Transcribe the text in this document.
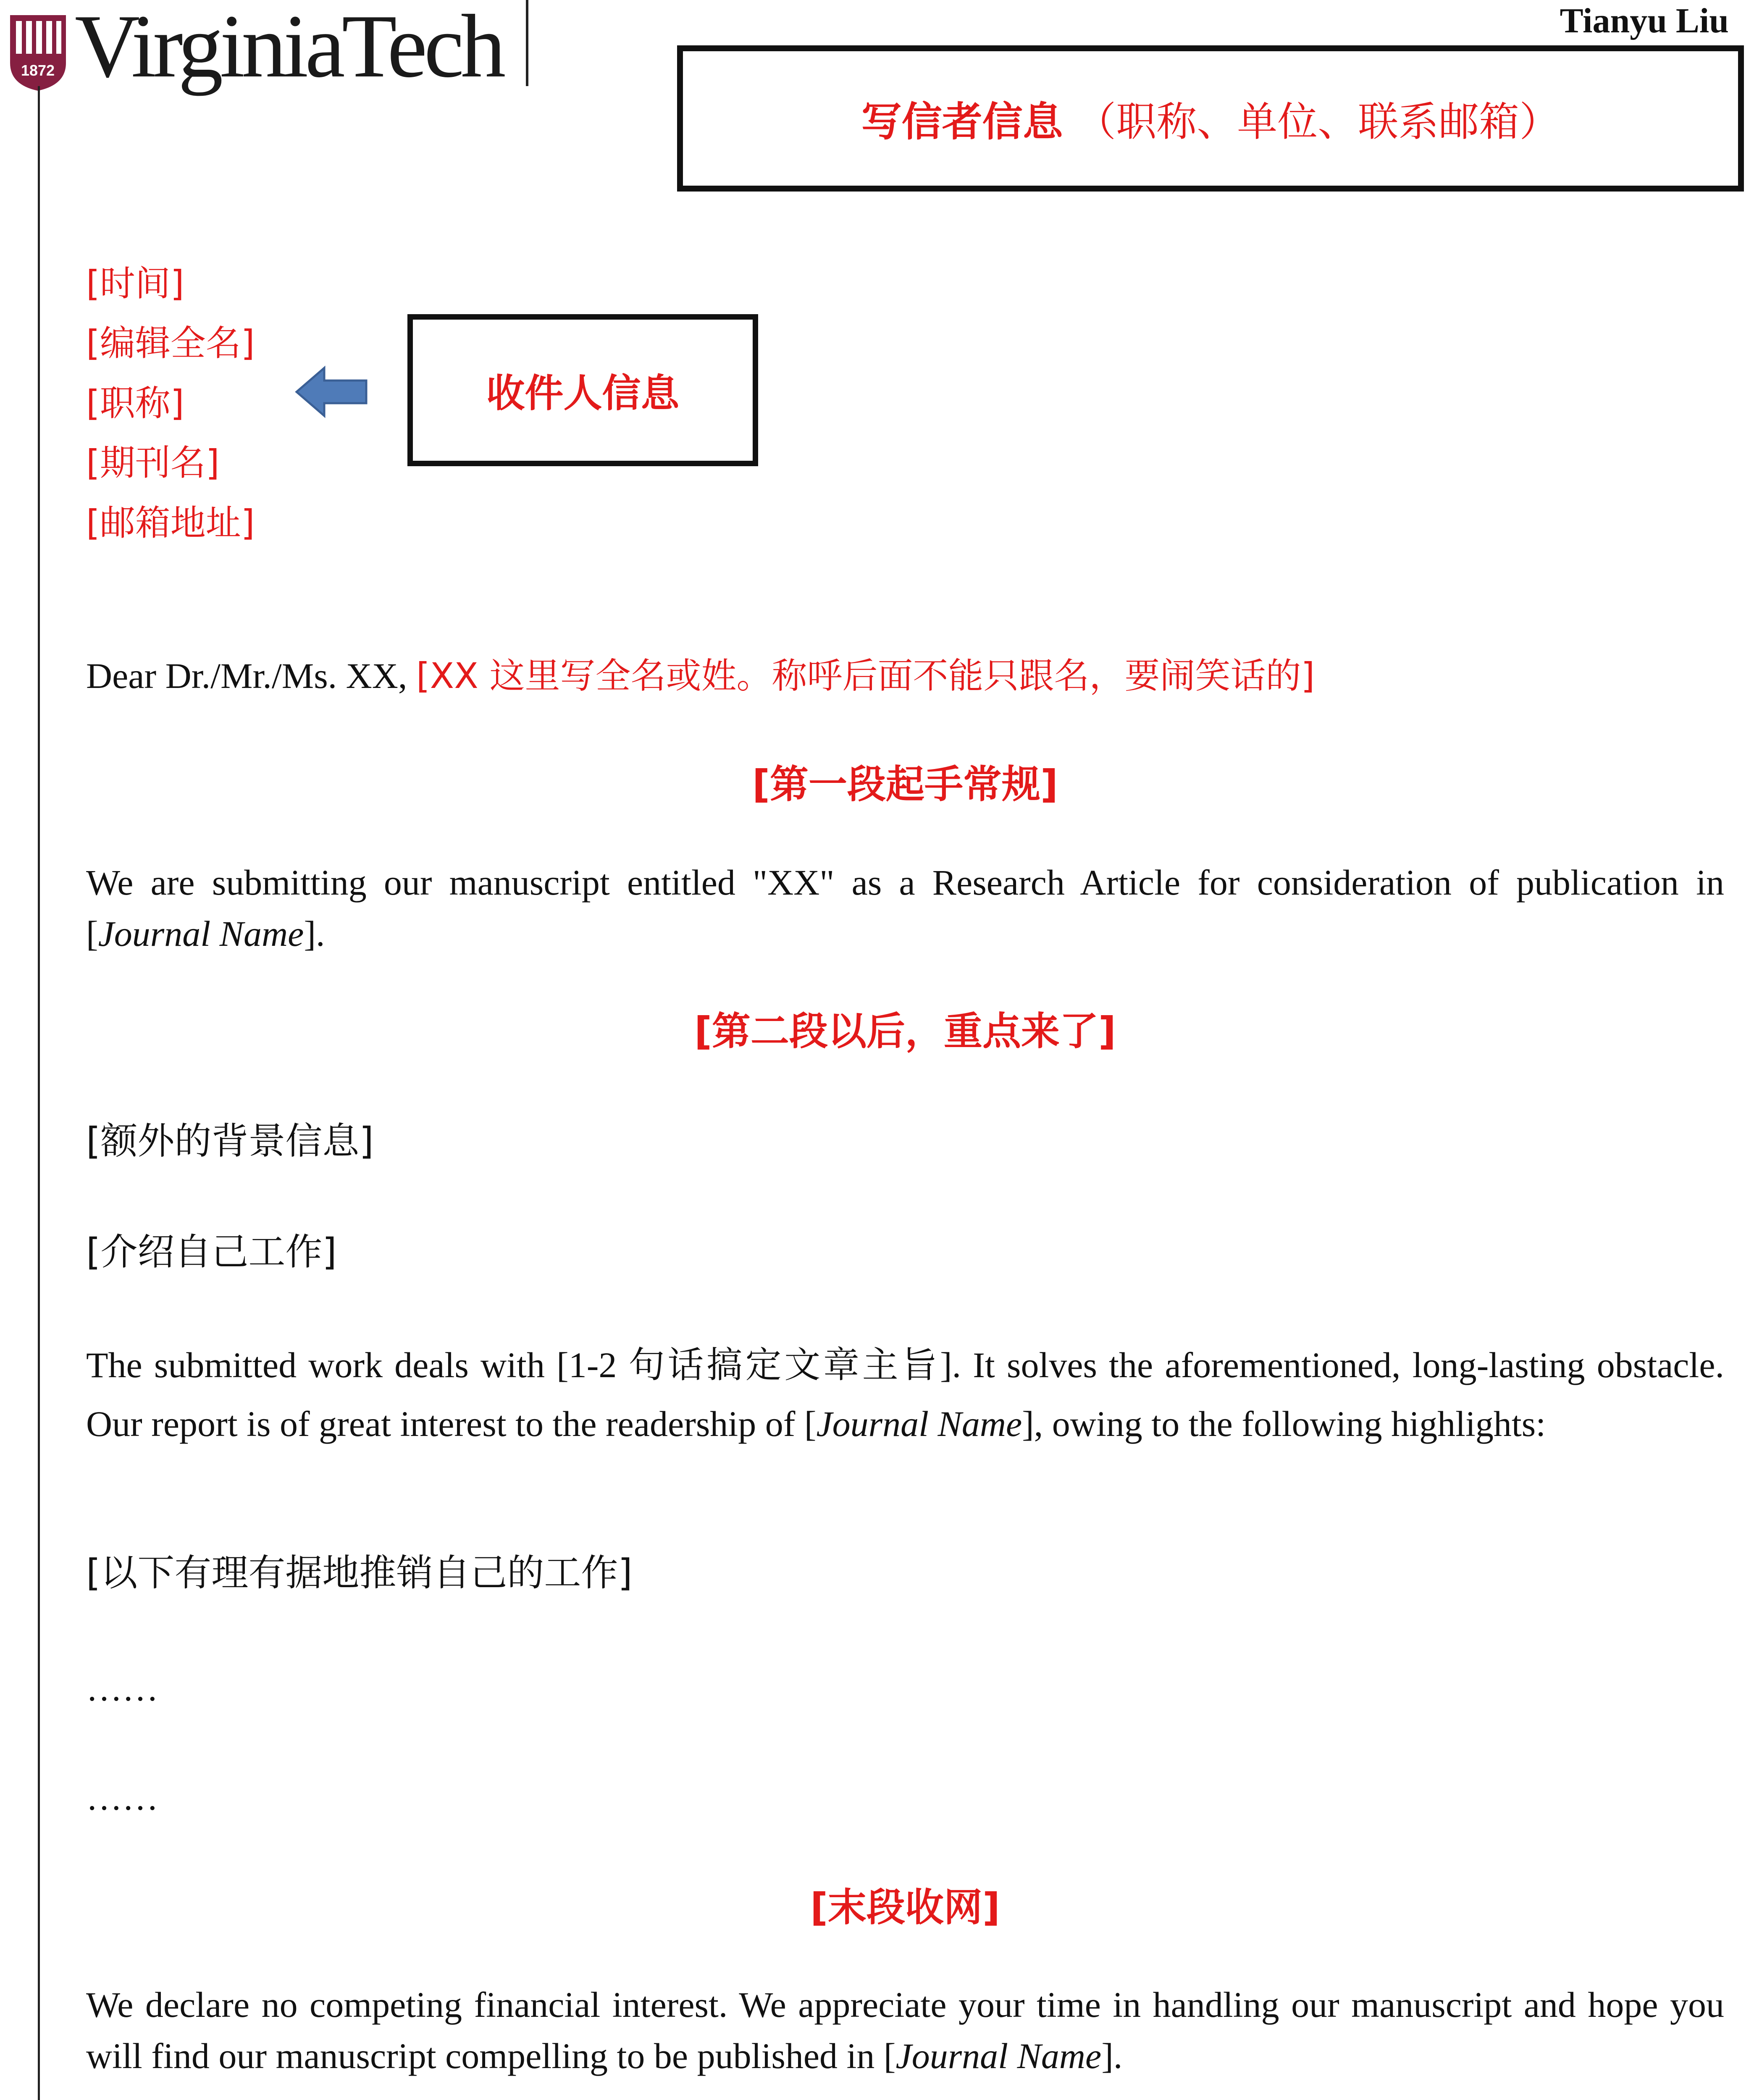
1872 VirginiaTech	Tianyu Liu
写信者信息 （职称、单位、联系邮箱）
[时间]
[编辑全名]
[职称]
[期刊名]
[邮箱地址]
收件人信息
Dear Dr./Mr./Ms. XX, [XX 这里写全名或姓。称呼后面不能只跟名，要闹笑话的]
[第一段起手常规]
We are submitting our manuscript entitled "XX" as a Research Article for consideration of publication in [Journal Name].
[第二段以后，重点来了]
[额外的背景信息]
[介绍自己工作]
The submitted work deals with [1-2 句话搞定文章主旨]. It solves the aforementioned, long-lasting obstacle. Our report is of great interest to the readership of [Journal Name], owing to the following highlights:
[以下有理有据地推销自己的工作]
……
……
[末段收网]
We declare no competing financial interest. We appreciate your time in handling our manuscript and hope you will find our manuscript compelling to be published in [Journal Name].
